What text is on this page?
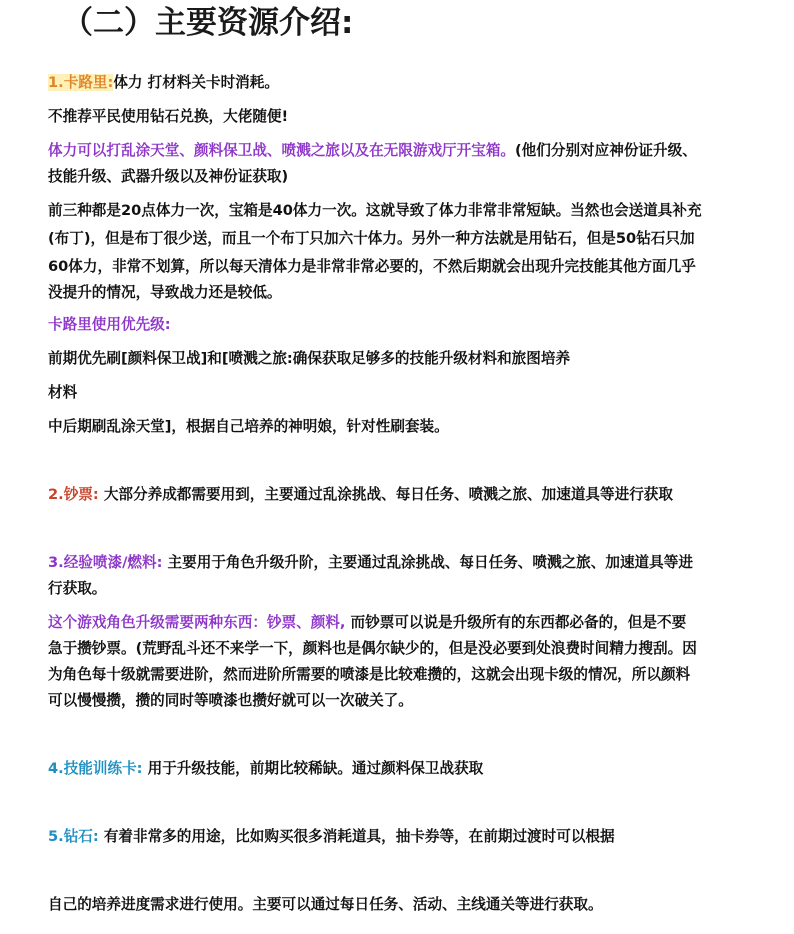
（二）主要资源介绍:
1.卡路里:体力 打材料关卡时消耗。
不推荐平民使用钻石兑换，大佬随便!
体力可以打乱涂天堂、颜料保卫战、喷溅之旅以及在无限游戏厅开宝箱。(他们分别对应神份证升级、
技能升级、武器升级以及神份证获取)
前三种都是20点体力一次，宝箱是40体力一次。这就导致了体力非常非常短缺。当然也会送道具补充
(布丁)，但是布丁很少送，而且一个布丁只加六十体力。另外一种方法就是用钻石，但是50钻石只加
60体力，非常不划算，所以每天清体力是非常非常必要的，不然后期就会出现升完技能其他方面几乎
没提升的情况，导致战力还是较低。
卡路里使用优先级:
前期优先刷[颜料保卫战]和[喷溅之旅:确保获取足够多的技能升级材料和旅图培养
材料
中后期刷乱涂天堂]，根据自己培养的神明娘，针对性刷套装。
2.钞票: 大部分养成都需要用到，主要通过乱涂挑战、每日任务、喷溅之旅、加速道具等进行获取
3.经验喷漆/燃料: 主要用于角色升级升阶，主要通过乱涂挑战、每日任务、喷溅之旅、加速道具等进
行获取。
这个游戏角色升级需要两种东西：钞票、颜料, 而钞票可以说是升级所有的东西都必备的，但是不要
急于攒钞票。(荒野乱斗还不来学一下，颜料也是偶尔缺少的，但是没必要到处浪费时间精力搜刮。因
为角色每十级就需要进阶，然而进阶所需要的喷漆是比较难攒的，这就会出现卡级的情况，所以颜料
可以慢慢攒，攒的同时等喷漆也攒好就可以一次破关了。
4.技能训练卡: 用于升级技能，前期比较稀缺。通过颜料保卫战获取
5.钻石: 有着非常多的用途，比如购买很多消耗道具，抽卡券等，在前期过渡时可以根据
自己的培养进度需求进行使用。主要可以通过每日任务、活动、主线通关等进行获取。
